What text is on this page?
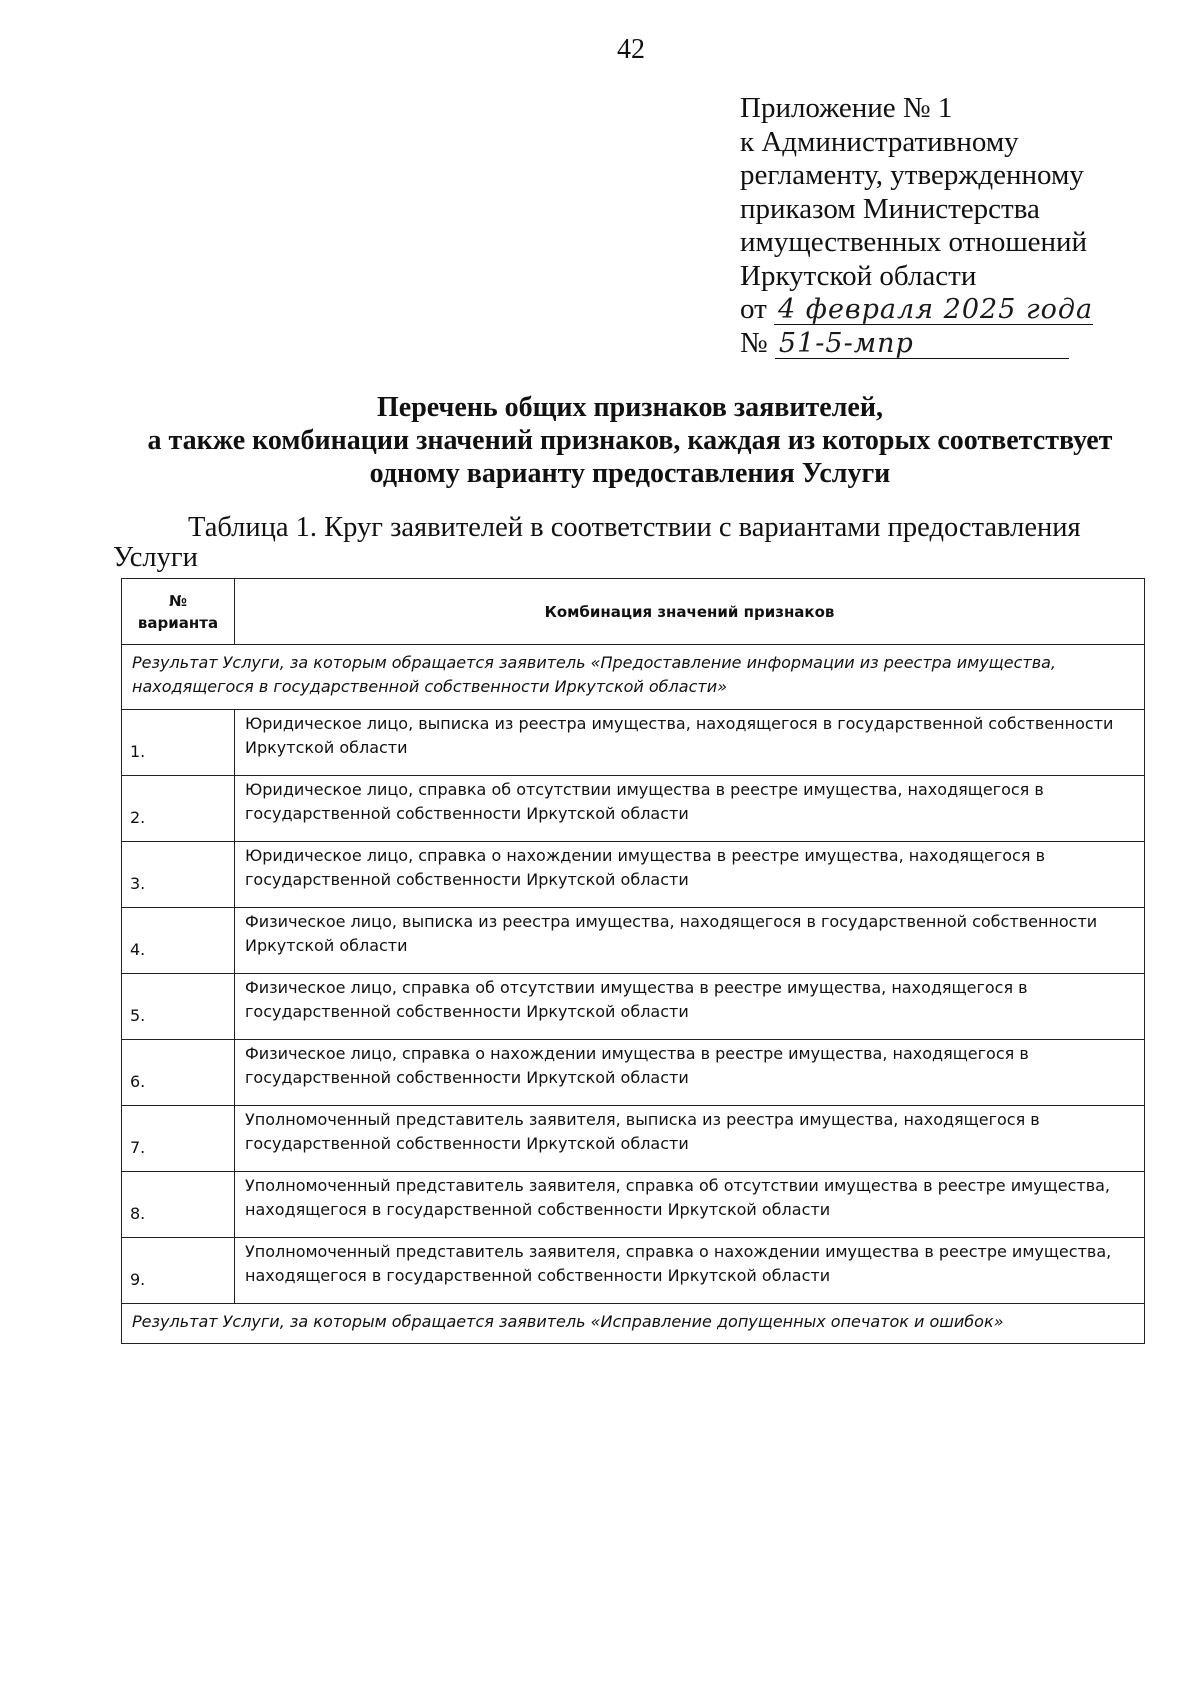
42
Приложение № 1
к Административному
регламенту, утвержденному
приказом Министерства
имущественных отношений
Иркутской области
от 4 февраля 2025 года
№ 51-5-мпр
Перечень общих признаков заявителей,
а также комбинации значений признаков, каждая из которых соответствует
одному варианту предоставления Услуги
Таблица 1. Круг заявителей в соответствии с вариантами предоставления
Услуги
№
варианта	Комбинация значений признаков
Результат Услуги, за которым обращается заявитель «Предоставление информации из реестра имущества, находящегося в государственной собственности Иркутской области»	
1.	Юридическое лицо, выписка из реестра имущества, находящегося в государственной собственности Иркутской области
2.	Юридическое лицо, справка об отсутствии имущества в реестре имущества, находящегося в государственной собственности Иркутской области
3.	Юридическое лицо, справка о нахождении имущества в реестре имущества, находящегося в государственной собственности Иркутской области
4.	Физическое лицо, выписка из реестра имущества, находящегося в государственной собственности Иркутской области
5.	Физическое лицо, справка об отсутствии имущества в реестре имущества, находящегося в государственной собственности Иркутской области
6.	Физическое лицо, справка о нахождении имущества в реестре имущества, находящегося в государственной собственности Иркутской области
7.	Уполномоченный представитель заявителя, выписка из реестра имущества, находящегося в государственной собственности Иркутской области
8.	Уполномоченный представитель заявителя, справка об отсутствии имущества в реестре имущества, находящегося в государственной собственности Иркутской области
9.	Уполномоченный представитель заявителя, справка о нахождении имущества в реестре имущества, находящегося в государственной собственности Иркутской области
Результат Услуги, за которым обращается заявитель «Исправление допущенных опечаток и ошибок»	
